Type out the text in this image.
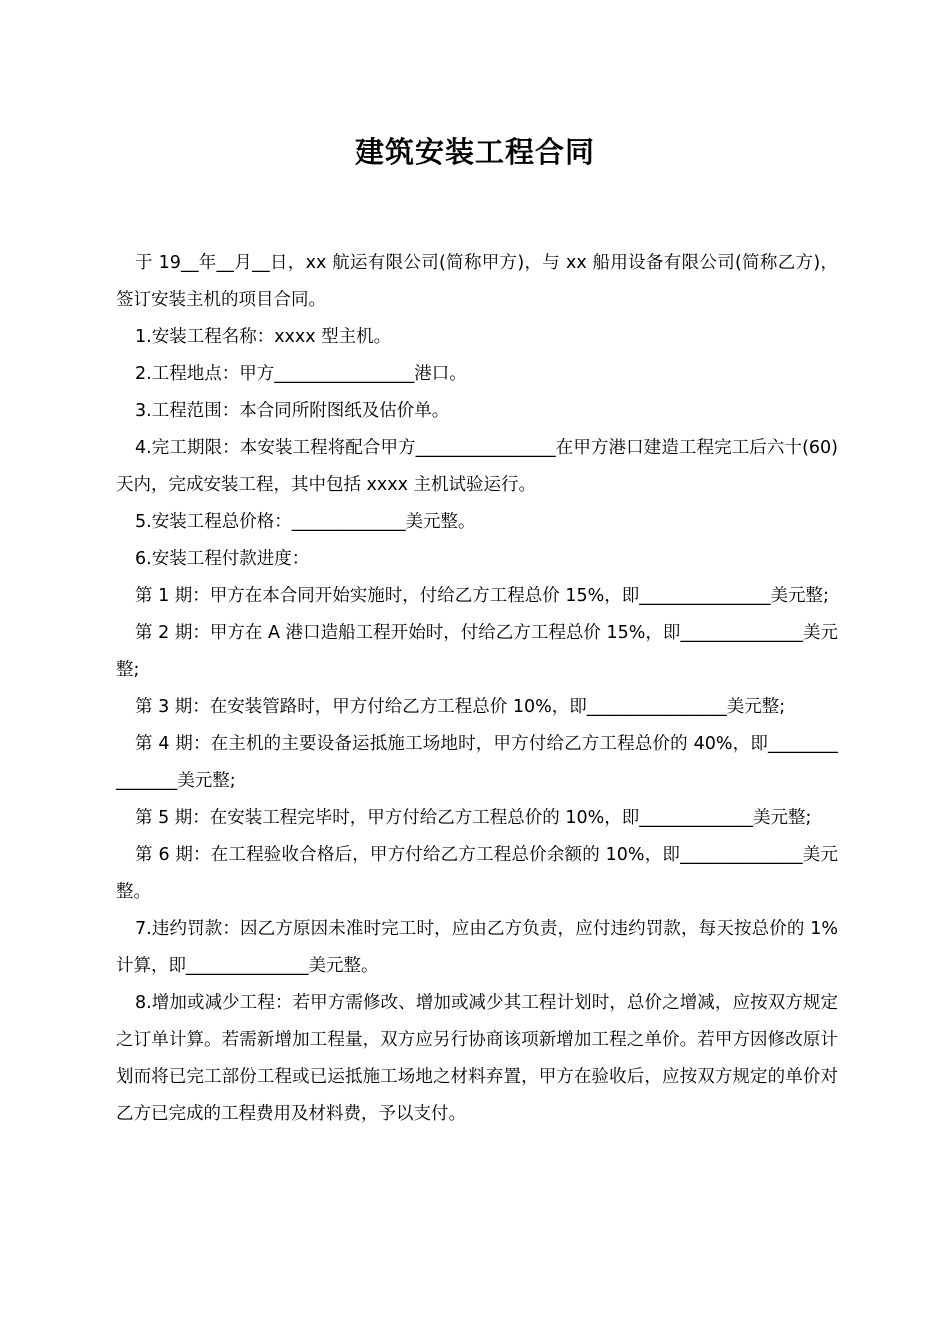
建筑安装工程合同

于 19__年__月__日，xx 航运有限公司(简称甲方)，与 xx 船用设备有限公司(简称乙方)，签订安装主机的项目合同。

1.安装工程名称：xxxx 型主机。

2.工程地点：甲方________________港口。

3.工程范围：本合同所附图纸及估价单。

4.完工期限：本安装工程将配合甲方________________在甲方港口建造工程完工后六十(60)天内，完成安装工程，其中包括 xxxx 主机试验运行。

5.安装工程总价格：_____________美元整。

6.安装工程付款进度：

第 1 期：甲方在本合同开始实施时，付给乙方工程总价 15%，即_______________美元整;

第 2 期：甲方在 A 港口造船工程开始时，付给乙方工程总价 15%，即______________美元整;

第 3 期：在安装管路时，甲方付给乙方工程总价 10%，即________________美元整;

第 4 期：在主机的主要设备运抵施工场地时，甲方付给乙方工程总价的 40%，即_______________美元整;

第 5 期：在安装工程完毕时，甲方付给乙方工程总价的 10%，即_____________美元整;

第 6 期：在工程验收合格后，甲方付给乙方工程总价余额的 10%，即______________美元整。

7.违约罚款：因乙方原因未准时完工时，应由乙方负责，应付违约罚款，每天按总价的 1%计算，即______________美元整。

8.增加或减少工程：若甲方需修改、增加或减少其工程计划时，总价之增减，应按双方规定之订单计算。若需新增加工程量，双方应另行协商该项新增加工程之单价。若甲方因修改原计划而将已完工部份工程或已运抵施工场地之材料弃置，甲方在验收后，应按双方规定的单价对乙方已完成的工程费用及材料费，予以支付。
